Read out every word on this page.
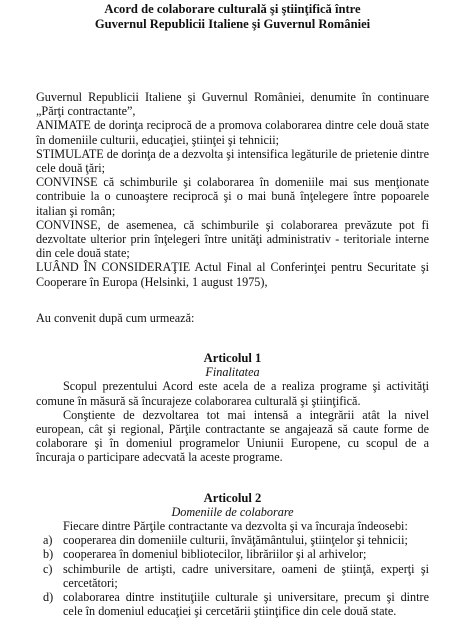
Acord de colaborare culturală şi ştiinţifică între
Guvernul Republicii Italiene şi Guvernul României

Guvernul Republicii Italiene şi Guvernul României, denumite în continuare „Părţi contractante”,

ANIMATE de dorinţa reciprocă de a promova colaborarea dintre cele două state în domeniile culturii, educaţiei, ştiinţei şi tehnicii;

STIMULATE de dorinţa de a dezvolta şi intensifica legăturile de prietenie dintre cele două ţări;

CONVINSE că schimburile şi colaborarea în domeniile mai sus menţionate contribuie la o cunoaştere reciprocă şi o mai bună înţelegere între popoarele italian şi român;

CONVINSE, de asemenea, că schimburile şi colaborarea prevăzute pot fi dezvoltate ulterior prin înţelegeri între unităţi administrativ - teritoriale interne din cele două state;

LUÂND ÎN CONSIDERAŢIE Actul Final al Conferinţei pentru Securitate şi Cooperare în Europa (Helsinki, 1 august 1975),

Au convenit după cum urmează:

Articolul 1
Finalitatea

Scopul prezentului Acord este acela de a realiza programe şi activităţi comune în măsură să încurajeze colaborarea culturală şi ştiinţifică.

Conştiente de dezvoltarea tot mai intensă a integrării atât la nivel european, cât şi regional, Părţile contractante se angajează să caute forme de colaborare şi în domeniul programelor Uniunii Europene, cu scopul de a încuraja o participare adecvată la aceste programe.

Articolul 2
Domeniile de colaborare

Fiecare dintre Părţile contractante va dezvolta şi va încuraja îndeosebi:

a) cooperarea din domeniile culturii, învăţământului, ştiinţelor şi tehnicii;
b) cooperarea în domeniul bibliotecilor, librăriilor şi al arhivelor;
c) schimburile de artişti, cadre universitare, oameni de ştiinţă, experţi şi cercetători;
d) colaborarea dintre instituţiile culturale şi universitare, precum şi dintre cele în domeniul educaţiei şi cercetării ştiinţifice din cele două state.
